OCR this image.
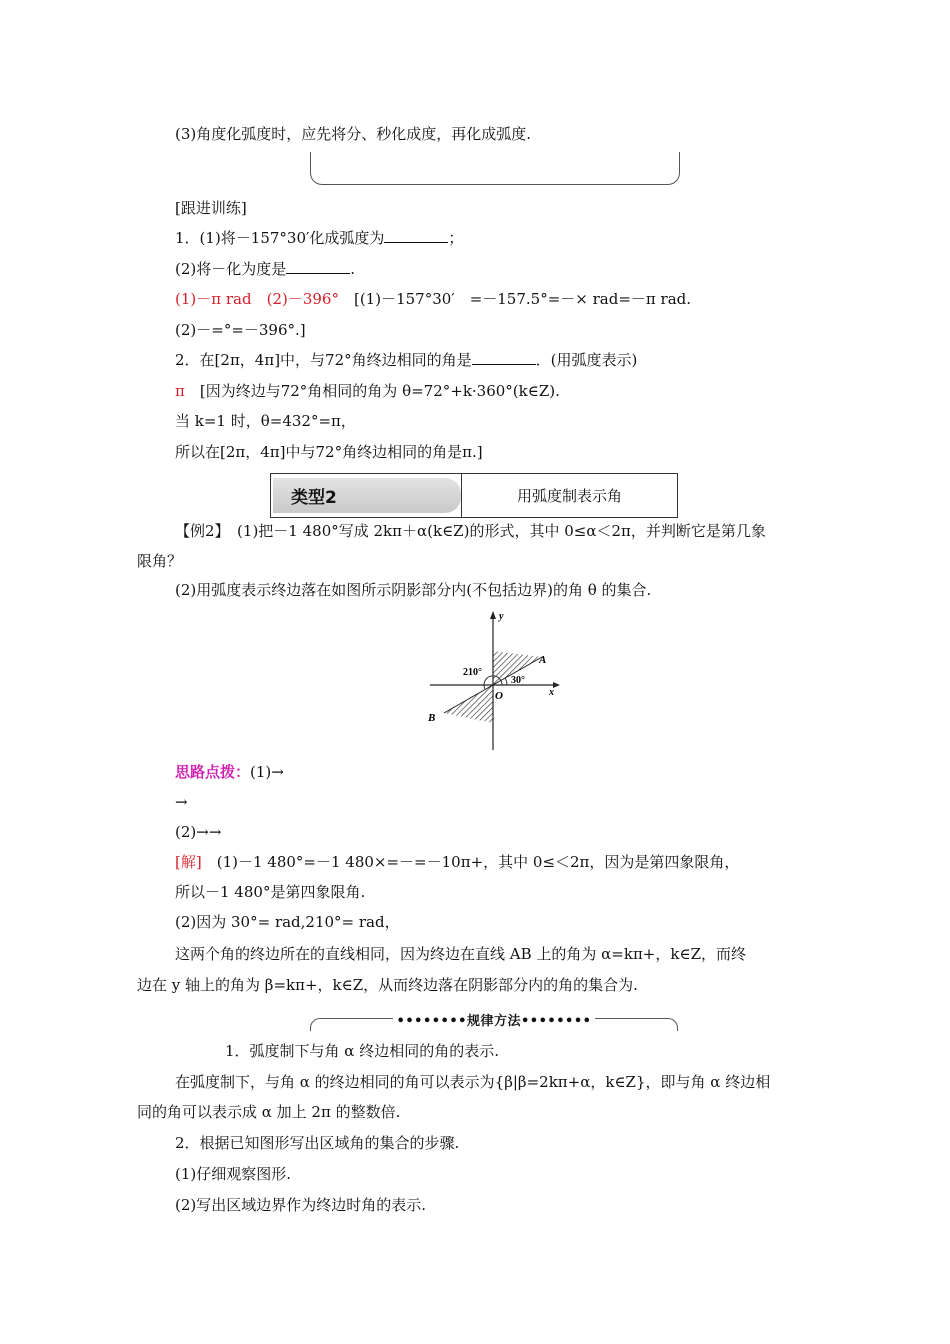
(3)角度化弧度时，应先将分、秒化成度，再化成弧度.
[跟进训练]
1．(1)将－157°30′化成弧度为	；
(2)将－化为度是	.
(1)－π rad　(2)－396°　[(1)－157°30′　=－157.5°=－× rad=－π rad.
(2)－=°=－396°.]
2．在[2π，4π]中，与72°角终边相同的角是	．(用弧度表示)
π　[因为终边与72°角相同的角为 θ=72°+k·360°(k∈Z).
当 k=1 时，θ=432°=π，
所以在[2π，4π]中与72°角终边相同的角是π.]
类型2	用弧度制表示角
【例2】　(1)把－1 480°写成 2kπ＋α(k∈Z)的形式，其中 0≤α＜2π，并判断它是第几象
限角？
(2)用弧度表示终边落在如图所示阴影部分内(不包括边界)的角 θ 的集合.
y
x
O
A
B
210°
30°
思路点拨：(1)→
→
(2)→→
[解]　(1)－1 480°=－1 480×=－=－10π+，其中 0≤＜2π，因为是第四象限角，
所以－1 480°是第四象限角.
(2)因为 30°= rad,210°= rad，
这两个角的终边所在的直线相同，因为终边在直线 AB 上的角为 α=kπ+，k∈Z，而终
边在 y 轴上的角为 β=kπ+，k∈Z，从而终边落在阴影部分内的角的集合为.
••••••••规律方法••••••••
1．弧度制下与角 α 终边相同的角的表示.
在弧度制下，与角 α 的终边相同的角可以表示为{β|β=2kπ+α，k∈Z}，即与角 α 终边相
同的角可以表示成 α 加上 2π 的整数倍.
2．根据已知图形写出区域角的集合的步骤.
(1)仔细观察图形.
(2)写出区域边界作为终边时角的表示.
